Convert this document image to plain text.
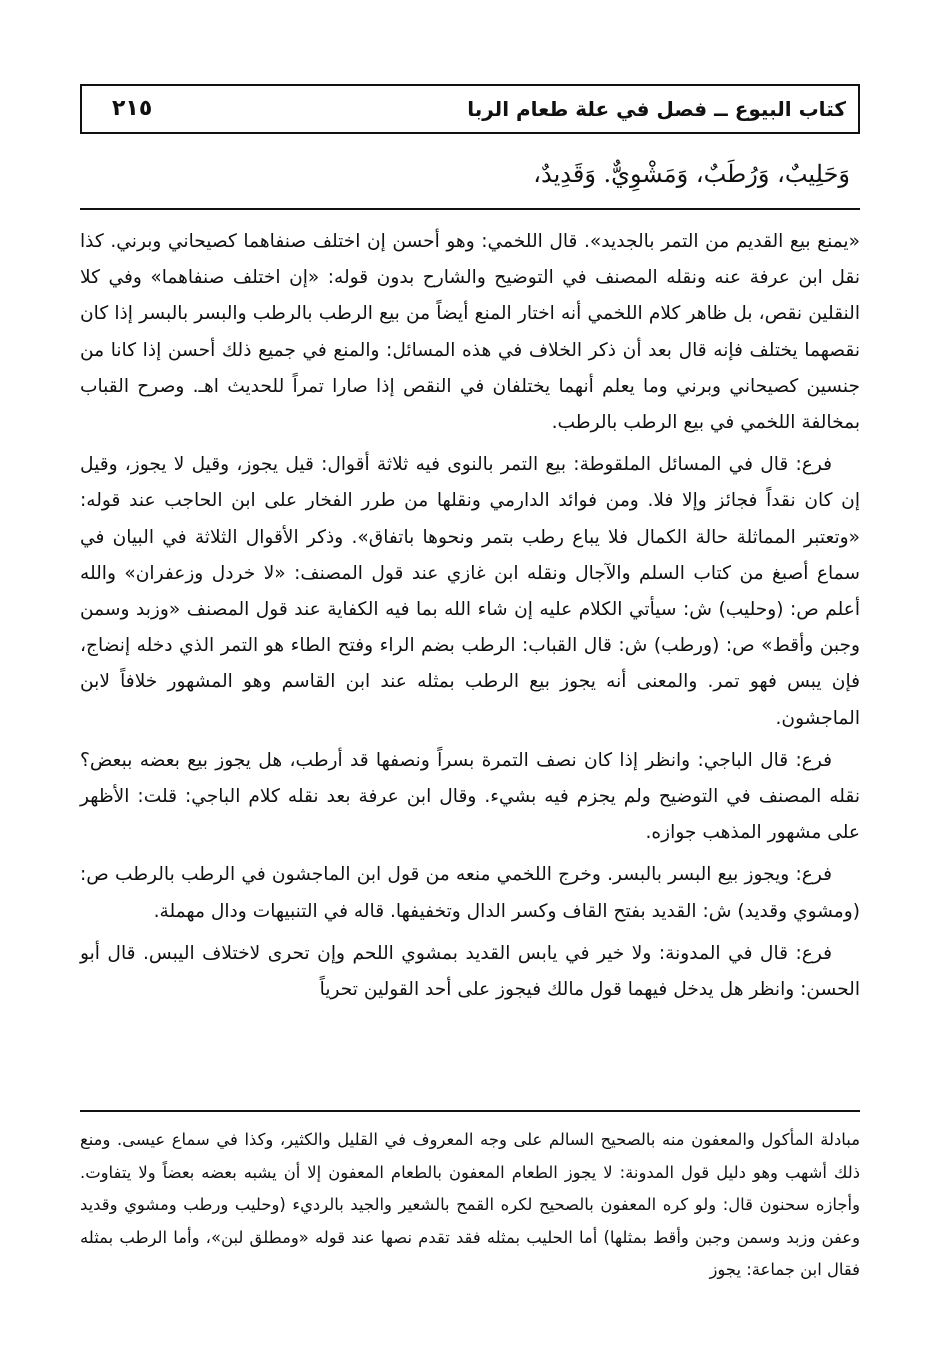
كتاب البيوع ــ فصل في علة طعام الربا
٢١٥
وَحَلِيبٌ، وَرُطَبٌ، وَمَشْوِيٌّ. وَقَدِيدٌ،

«يمنع بيع القديم من التمر بالجديد». قال اللخمي: وهو أحسن إن اختلف صنفاهما كصيحاني وبرني. كذا نقل ابن عرفة عنه ونقله المصنف في التوضيح والشارح بدون قوله: «إن اختلف صنفاهما» وفي كلا النقلين نقص، بل ظاهر كلام اللخمي أنه اختار المنع أيضاً من بيع الرطب بالرطب والبسر بالبسر إذا كان نقصهما يختلف فإنه قال بعد أن ذكر الخلاف في هذه المسائل: والمنع في جميع ذلك أحسن إذا كانا من جنسين كصيحاني وبرني وما يعلم أنهما يختلفان في النقص إذا صارا تمراً للحديث اهـ. وصرح القباب بمخالفة اللخمي في بيع الرطب بالرطب.

فرع: قال في المسائل الملقوطة: بيع التمر بالنوى فيه ثلاثة أقوال: قيل يجوز، وقيل لا يجوز، وقيل إن كان نقداً فجائز وإلا فلا. ومن فوائد الدارمي ونقلها من طرر الفخار على ابن الحاجب عند قوله: «وتعتبر المماثلة حالة الكمال فلا يباع رطب بتمر ونحوها باتفاق». وذكر الأقوال الثلاثة في البيان في سماع أصبغ من كتاب السلم والآجال ونقله ابن غازي عند قول المصنف: «لا خردل وزعفران» والله أعلم ص: (وحليب) ش: سيأتي الكلام عليه إن شاء الله بما فيه الكفاية عند قول المصنف «وزبد وسمن وجبن وأقط» ص: (ورطب) ش: قال القباب: الرطب بضم الراء وفتح الطاء هو التمر الذي دخله إنضاج، فإن يبس فهو تمر. والمعنى أنه يجوز بيع الرطب بمثله عند ابن القاسم وهو المشهور خلافاً لابن الماجشون.

فرع: قال الباجي: وانظر إذا كان نصف التمرة بسراً ونصفها قد أرطب، هل يجوز بيع بعضه ببعض؟ نقله المصنف في التوضيح ولم يجزم فيه بشيء. وقال ابن عرفة بعد نقله كلام الباجي: قلت: الأظهر على مشهور المذهب جوازه.

فرع: ويجوز بيع البسر بالبسر. وخرج اللخمي منعه من قول ابن الماجشون في الرطب بالرطب ص: (ومشوي وقديد) ش: القديد بفتح القاف وكسر الدال وتخفيفها. قاله في التنبيهات ودال مهملة.

فرع: قال في المدونة: ولا خير في يابس القديد بمشوي اللحم وإن تحرى لاختلاف اليبس. قال أبو الحسن: وانظر هل يدخل فيهما قول مالك فيجوز على أحد القولين تحرياً

مبادلة المأكول والمعفون منه بالصحيح السالم على وجه المعروف في القليل والكثير، وكذا في سماع عيسى. ومنع ذلك أشهب وهو دليل قول المدونة: لا يجوز الطعام المعفون بالطعام المعفون إلا أن يشبه بعضه بعضاً ولا يتفاوت. وأجازه سحنون قال: ولو كره المعفون بالصحيح لكره القمح بالشعير والجيد بالرديء (وحليب ورطب ومشوي وقديد وعفن وزبد وسمن وجبن وأقط بمثلها) أما الحليب بمثله فقد تقدم نصها عند قوله «ومطلق لبن»، وأما الرطب بمثله فقال ابن جماعة: يجوز
